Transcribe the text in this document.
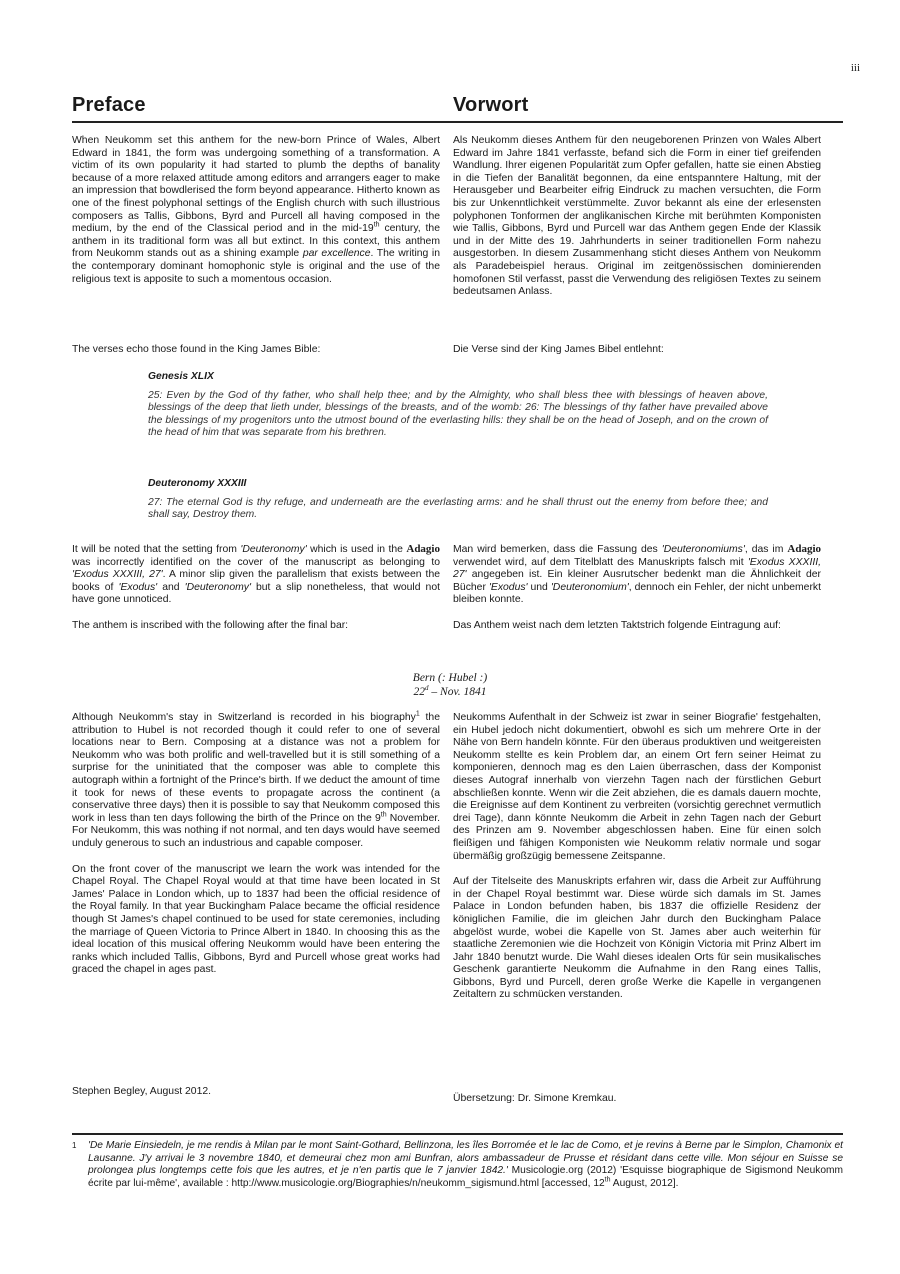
iii
Preface	Vorwort

When Neukomm set this anthem for the new-born Prince of Wales, Albert Edward in 1841, the form was undergoing something of a transformation. A victim of its own popularity it had started to plumb the depths of banality because of a more relaxed attitude among editors and arrangers eager to make an impression that bowdlerised the form beyond appearance. Hitherto known as one of the finest polyphonal settings of the English church with such illustrious composers as Tallis, Gibbons, Byrd and Purcell all having composed in the medium, by the end of the Classical period and in the mid-19th century, the anthem in its traditional form was all but extinct. In this context, this anthem from Neukomm stands out as a shining example par excellence. The writing in the contemporary dominant homophonic style is original and the use of the religious text is apposite to such a momentous occasion.

The verses echo those found in the King James Bible:

Als Neukomm dieses Anthem für den neugeborenen Prinzen von Wales Albert Edward im Jahre 1841 verfasste, befand sich die Form in einer tief greifenden Wandlung. Ihrer eigenen Popularität zum Opfer gefallen, hatte sie einen Abstieg in die Tiefen der Banalität begonnen, da eine entspanntere Haltung, mit der Herausgeber und Bearbeiter eifrig Eindruck zu machen versuchten, die Form bis zur Unkenntlichkeit verstümmelte. Zuvor bekannt als eine der erlesensten polyphonen Tonformen der anglikanischen Kirche mit berühmten Komponisten wie Tallis, Gibbons, Byrd und Purcell war das Anthem gegen Ende der Klassik und in der Mitte des 19. Jahrhunderts in seiner traditionellen Form nahezu ausgestorben. In diesem Zusammenhang sticht dieses Anthem von Neukomm als Paradebeispiel heraus. Original im zeitgenössischen dominierenden homofonen Stil verfasst, passt die Verwendung des religiösen Textes zu seinem bedeutsamen Anlass.

Die Verse sind der King James Bibel entlehnt:

Genesis XLIX
25: Even by the God of thy father, who shall help thee; and by the Almighty, who shall bless thee with blessings of heaven above, blessings of the deep that lieth under, blessings of the breasts, and of the womb: 26: The blessings of thy father have prevailed above the blessings of my progenitors unto the utmost bound of the everlasting hills: they shall be on the head of Joseph, and on the crown of the head of him that was separate from his brethren.
Deuteronomy XXXIII
27: The eternal God is thy refuge, and underneath are the everlasting arms: and he shall thrust out the enemy from before thee; and shall say, Destroy them.

It will be noted that the setting from 'Deuteronomy' which is used in the Adagio was incorrectly identified on the cover of the manuscript as belonging to 'Exodus XXXIII, 27'. A minor slip given the parallelism that exists between the books of 'Exodus' and 'Deuteronomy' but a slip nonetheless, that would not have gone unnoticed.

The anthem is inscribed with the following after the final bar:

Man wird bemerken, dass die Fassung des 'Deuteronomiums', das im Adagio verwendet wird, auf dem Titelblatt des Manuskripts falsch mit 'Exodus XXXIII, 27' angegeben ist. Ein kleiner Ausrutscher bedenkt man die Ähnlichkeit der Bücher 'Exodus' und 'Deuteronomium', dennoch ein Fehler, der nicht unbemerkt bleiben konnte.

Das Anthem weist nach dem letzten Taktstrich folgende Eintragung auf:

Bern (: Hubel :)
22$^d$ – Nov. 1841

Although Neukomm's stay in Switzerland is recorded in his biography$^1$ the attribution to Hubel is not recorded though it could refer to one of several locations near to Bern. Composing at a distance was not a problem for Neukomm who was both prolific and well-travelled but it is still something of a surprise for the uninitiated that the composer was able to complete this autograph within a fortnight of the Prince's birth. If we deduct the amount of time it took for news of these events to propagate across the continent (a conservative three days) then it is possible to say that Neukomm composed this work in less than ten days following the birth of the Prince on the 9th November. For Neukomm, this was nothing if not normal, and ten days would have seemed unduly generous to such an industrious and capable composer.

On the front cover of the manuscript we learn the work was intended for the Chapel Royal. The Chapel Royal would at that time have been located in St James' Palace in London which, up to 1837 had been the official residence of the Royal family. In that year Buckingham Palace became the official residence though St James's chapel continued to be used for state ceremonies, including the marriage of Queen Victoria to Prince Albert in 1840. In choosing this as the ideal location of this musical offering Neukomm would have been entering the ranks which included Tallis, Gibbons, Byrd and Purcell whose great works had graced the chapel in ages past.

Stephen Begley, August 2012.

Neukomms Aufenthalt in der Schweiz ist zwar in seiner Biografie' festgehalten, ein Hubel jedoch nicht dokumentiert, obwohl es sich um mehrere Orte in der Nähe von Bern handeln könnte. Für den überaus produktiven und weitgereisten Neukomm stellte es kein Problem dar, an einem Ort fern seiner Heimat zu komponieren, dennoch mag es den Laien überraschen, dass der Komponist dieses Autograf innerhalb von vierzehn Tagen nach der fürstlichen Geburt abschließen konnte. Wenn wir die Zeit abziehen, die es damals dauern mochte, die Ereignisse auf dem Kontinent zu verbreiten (vorsichtig gerechnet vermutlich drei Tage), dann könnte Neukomm die Arbeit in zehn Tagen nach der Geburt des Prinzen am 9. November abgeschlossen haben. Eine für einen solch fleißigen und fähigen Komponisten wie Neukomm relativ normale und sogar übermäßig großzügig bemessene Zeitspanne.

Auf der Titelseite des Manuskripts erfahren wir, dass die Arbeit zur Aufführung in der Chapel Royal bestimmt war. Diese würde sich damals im St. James Palace in London befunden haben, bis 1837 die offizielle Residenz der königlichen Familie, die im gleichen Jahr durch den Buckingham Palace abgelöst wurde, wobei die Kapelle von St. James aber auch weiterhin für staatliche Zeremonien wie die Hochzeit von Königin Victoria mit Prinz Albert im Jahr 1840 benutzt wurde. Die Wahl dieses idealen Orts für sein musikalisches Geschenk garantierte Neukomm die Aufnahme in den Rang eines Tallis, Gibbons, Byrd und Purcell, deren große Werke die Kapelle in vergangenen Zeitaltern zu schmücken verstanden.

Übersetzung: Dr. Simone Kremkau.

1 'De Marie Einsiedeln, je me rendis à Milan par le mont Saint-Gothard, Bellinzona, les îles Borromée et le lac de Como, et je revins à Berne par le Simplon, Chamonix et Lausanne. J'y arrivai le 3 novembre 1840, et demeurai chez mon ami Bunfran, alors ambassadeur de Prusse et résidant dans cette ville. Mon séjour en Suisse se prolongea plus longtemps cette fois que les autres, et je n'en partis que le 7 janvier 1842.' Musicologie.org (2012) 'Esquisse biographique de Sigismond Neukomm écrite par lui-même', available : http://www.musicologie.org/Biographies/n/neukomm_sigismund.html [accessed, 12th August, 2012].
